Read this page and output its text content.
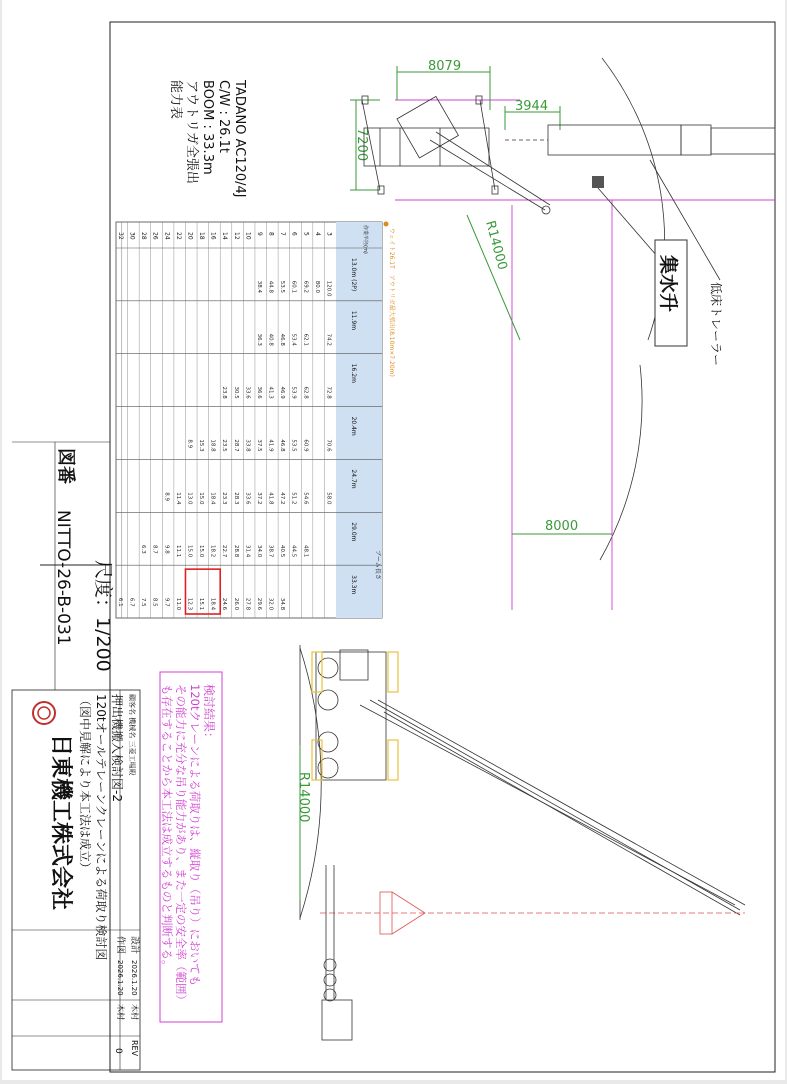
8079
3944
7200
R14000
8000
集水升	低床トレーラー
TADANO AC120/4J
C/W : 26.1t
BOOM : 33.3m
アウトリガ全張出
能力表
ウェイト26.1T　アウトリガ最大張出(8.10m×7.20m)
作業半径(m)
ブーム長さ
13.0m (2P)
11.9m
16.2m
20.4m
24.7m
29.0m
33.3m
3
120.0
74.2
72.8
70.6
58.0
4
80.0
5
69.2
62.1
62.8
60.9
54.6
48.1
6
60.1
53.4
53.9
53.5
51.2
44.5
7
53.5
46.8
46.9
46.8
47.2
40.5
34.8
8
44.8
40.8
41.3
41.9
41.8
38.7
32.0
9
38.4
36.3
36.6
37.5
37.2
34.0
29.6
10
33.6
33.8
33.6
31.4
27.8
12
30.5
28.7
28.3
28.8
26.0
14
23.8
23.5
23.3
22.7
24.6
16
18.8
18.4
18.2
18.4
18
15.3
15.0
15.0
15.1
20
8.9
13.0
15.0
12.3
22
11.4
11.1
11.0
24
8.9
9.8
9.7
26
8.7
8.5
28
6.3
7.5
30
6.7
32
6.1
R14000
検討結果：
120tクレーンによる荷取りは、縦取り（吊り）においても
その能力に充分な吊り能力があり、また一定の安全率（範囲）
も存在することから本工法は成立するものと判断する。
図番
NITTO-26-B-031 尺度：1/200
顧客名 機械名 三菱工場殿
押出機搬入検討図-2
120tオールテレーンクレーンによる荷取り検討図
（図中見解により本工法は成立）
日東機工株式会社
設計
2026.1.20
木村
作図
2026.1.20
木村
REV
0
